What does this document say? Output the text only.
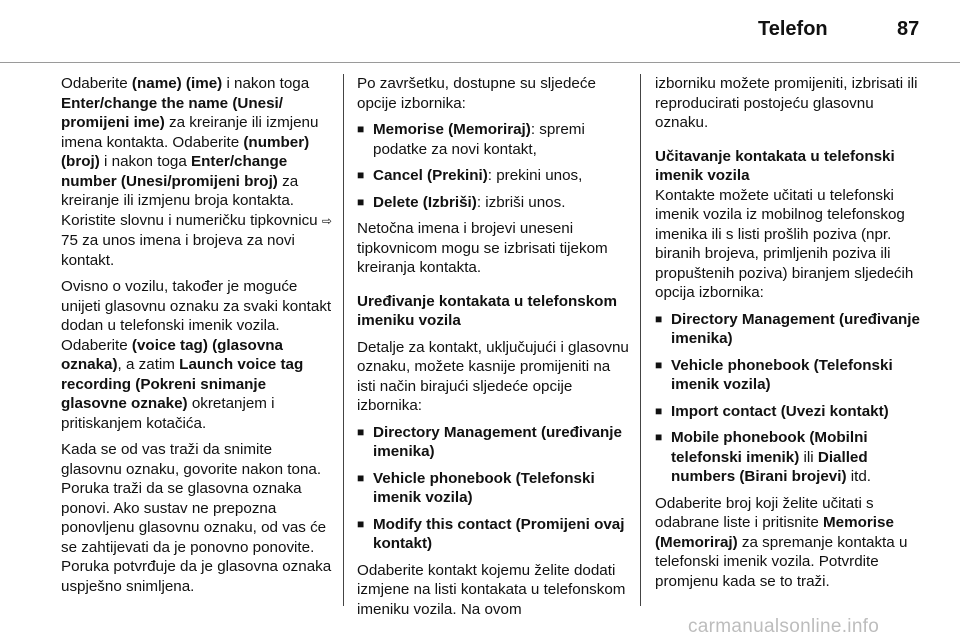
Telefon	87

Odaberite (name) (ime) i nakon toga Enter/change the name (Unesi/ promijeni ime) za kreiranje ili izmjenu imena kontakta. Odaberite (number) (broj) i nakon toga Enter/change number (Unesi/promijeni broj) za kreiranje ili izmjenu broja kontakta. Koristite slovnu i numeričku tipkovnicu ⇨ 75 za unos imena i brojeva za novi kontakt.

Ovisno o vozilu, također je moguće unijeti glasovnu oznaku za svaki kontakt dodan u telefonski imenik vozila. Odaberite (voice tag) (glasovna oznaka), a zatim Launch voice tag recording (Pokreni snimanje glasovne oznake) okretanjem i pritiskanjem kotačića.

Kada se od vas traži da snimite glasovnu oznaku, govorite nakon tona. Poruka traži da se glasovna oznaka ponovi. Ako sustav ne prepozna ponovljenu glasovnu oznaku, od vas će se zahtijevati da je ponovno ponovite. Poruka potvrđuje da je glasovna oznaka uspješno snimljena.

Po završetku, dostupne su sljedeće opcije izbornika:

■ Memorise (Memoriraj): spremi podatke za novi kontakt,
■ Cancel (Prekini): prekini unos,
■ Delete (Izbriši): izbriši unos.

Netočna imena i brojevi uneseni tipkovnicom mogu se izbrisati tijekom kreiranja kontakta.

Uređivanje kontakata u telefonskom imeniku vozila

Detalje za kontakt, uključujući i glasovnu oznaku, možete kasnije promijeniti na isti način birajući sljedeće opcije izbornika:

■ Directory Management (uređivanje imenika)
■ Vehicle phonebook (Telefonski imenik vozila)
■ Modify this contact (Promijeni ovaj kontakt)

Odaberite kontakt kojemu želite dodati izmjene na listi kontakata u telefonskom imeniku vozila. Na ovom

izborniku možete promijeniti, izbrisati ili reproducirati postojeću glasovnu oznaku.

Učitavanje kontakata u telefonski imenik vozila

Kontakte možete učitati u telefonski imenik vozila iz mobilnog telefonskog imenika ili s listi prošlih poziva (npr. biranih brojeva, primljenih poziva ili propuštenih poziva) biranjem sljedećih opcija izbornika:

■ Directory Management (uređivanje imenika)
■ Vehicle phonebook (Telefonski imenik vozila)
■ Import contact (Uvezi kontakt)
■ Mobile phonebook (Mobilni telefonski imenik) ili Dialled numbers (Birani brojevi) itd.

Odaberite broj koji želite učitati s odabrane liste i pritisnite Memorise (Memoriraj) za spremanje kontakta u telefonski imenik vozila. Potvrdite promjenu kada se to traži.

carmanualsonline.info
